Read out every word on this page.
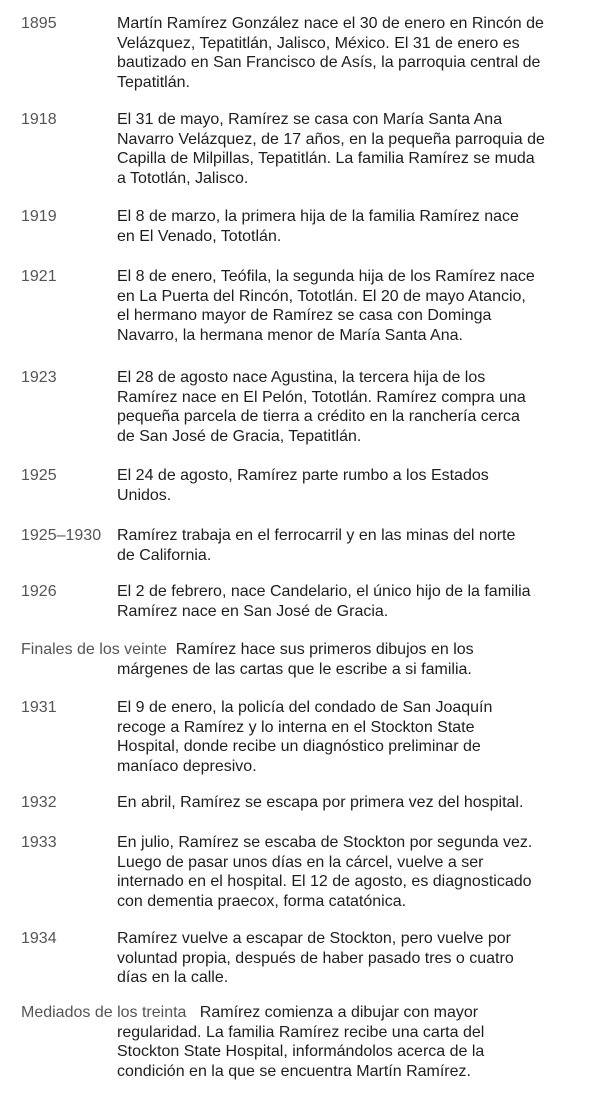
1895	Martín Ramírez González nace el 30 de enero en Rincón de
Velázquez, Tepatitlán, Jalisco, México. El 31 de enero es
bautizado en San Francisco de Asís, la parroquia central de
Tepatitlán.
1918	El 31 de mayo, Ramírez se casa con María Santa Ana
Navarro Velázquez, de 17 años, en la pequeña parroquia de
Capilla de Milpillas, Tepatitlán. La familia Ramírez se muda
a Tototlán, Jalisco.
1919	El 8 de marzo, la primera hija de la familia Ramírez nace
en El Venado, Tototlán.
1921	El 8 de enero, Teófila, la segunda hija de los Ramírez nace
en La Puerta del Rincón, Tototlán. El 20 de mayo Atancio,
el hermano mayor de Ramírez se casa con Dominga
Navarro, la hermana menor de María Santa Ana.
1923	El 28 de agosto nace Agustina, la tercera hija de los
Ramírez nace en El Pelón, Tototlán. Ramírez compra una
pequeña parcela de tierra a crédito en la ranchería cerca
de San José de Gracia, Tepatitlán.
1925	El 24 de agosto, Ramírez parte rumbo a los Estados
Unidos.
1925–1930 Ramírez trabaja en el ferrocarril y en las minas del norte
de California.
1926	El 2 de febrero, nace Candelario, el único hijo de la familia
Ramírez nace en San José de Gracia.
Finales de los veinte Ramírez hace sus primeros dibujos en los
márgenes de las cartas que le escribe a si familia.
1931	El 9 de enero, la policía del condado de San Joaquín
recoge a Ramírez y lo interna en el Stockton State
Hospital, donde recibe un diagnóstico preliminar de
maníaco depresivo.
1932	En abril, Ramírez se escapa por primera vez del hospital.
1933	En julio, Ramírez se escaba de Stockton por segunda vez.
Luego de pasar unos días en la cárcel, vuelve a ser
internado en el hospital. El 12 de agosto, es diagnosticado
con dementia praecox, forma catatónica.
1934	Ramírez vuelve a escapar de Stockton, pero vuelve por
voluntad propia, después de haber pasado tres o cuatro
días en la calle.
Mediados de los treinta Ramírez comienza a dibujar con mayor
regularidad. La familia Ramírez recibe una carta del
Stockton State Hospital, informándolos acerca de la
condición en la que se encuentra Martín Ramírez.
